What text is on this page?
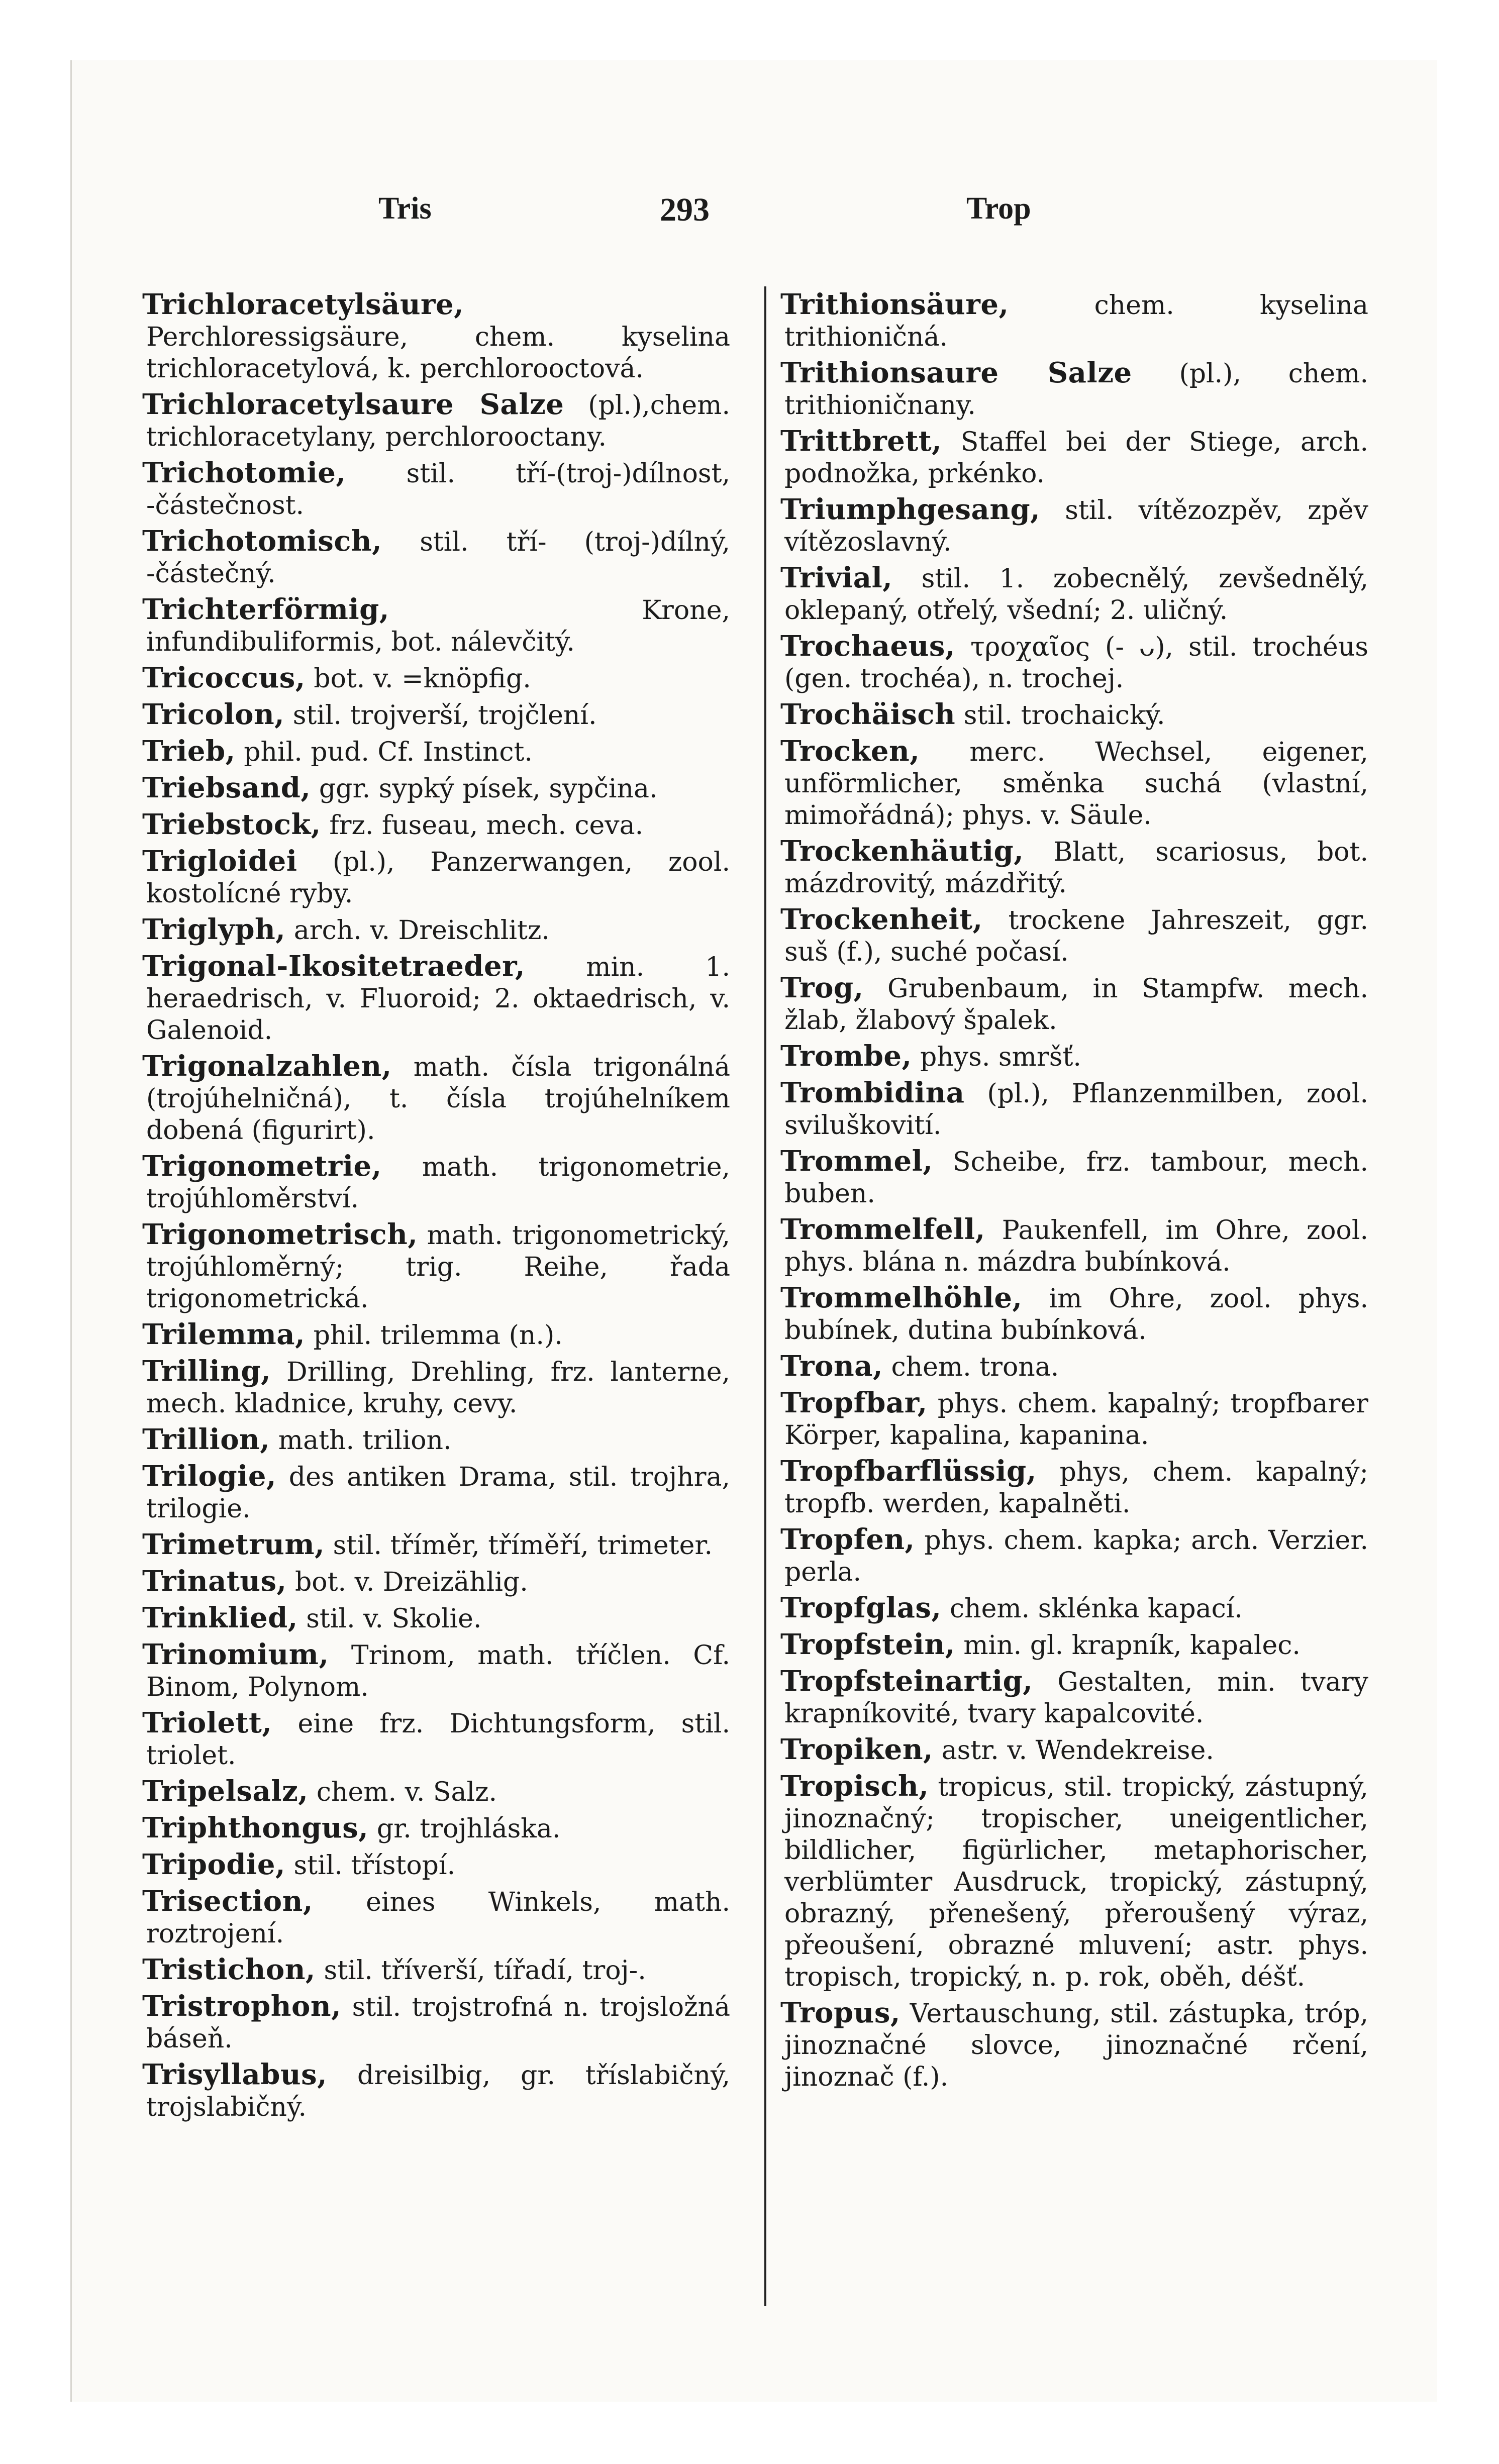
Tris	293	Trop

Trichloracetylsäure, Perchloressigsäure, chem. kyselina trichloracetylová, k. perchlorooctová.

Trichloracetylsaure Salze (pl.),chem. trichloracetylany, perchlorooctany.

Trichotomie, stil. tří-(troj-)dílnost, -částečnost.

Trichotomisch, stil. tří- (troj-)dílný, -částečný.

Trichterförmig,	Krone, infundibuliformis, bot. nálevčitý.

Tricoccus, bot. v. =knöpfig.

Tricolon, stil. trojverší, trojčlení.

Trieb, phil. pud. Cf. Instinct.

Triebsand, ggr. sypký písek, sypčina.

Triebstock, frz. fuseau, mech. ceva.

Trigloidei (pl.), Panzerwangen, zool. kostolícné ryby.

Triglyph, arch. v. Dreischlitz.

Trigonal-Ikositetraeder, min. 1. heraedrisch, v. Fluoroid; 2. oktaedrisch, v. Galenoid.

Trigonalzahlen, math. čísla trigonálná (trojúhelničná), t. čísla trojúhelníkem dobená (figurirt).

Trigonometrie, math. trigonometrie, trojúhloměrství.

Trigonometrisch, math. trigonometrický, trojúhloměrný; trig. Reihe, řada trigonometrická.

Trilemma, phil. trilemma (n.).

Trilling, Drilling, Drehling, frz. lanterne, mech. kladnice, kruhy, cevy.

Trillion, math. trilion.

Trilogie, des antiken Drama, stil. trojhra, trilogie.

Trimetrum, stil. tříměr, tříměří, trimeter.

Trinatus, bot. v. Dreizählig.

Trinklied, stil. v. Skolie.

Trinomium, Trinom, math. tříčlen. Cf. Binom, Polynom.

Triolett, eine frz. Dichtungsform, stil. triolet.

Tripelsalz, chem. v. Salz.

Triphthongus, gr. trojhláska.

Tripodie, stil. třístopí.

Trisection, eines Winkels, math. roztrojení.

Tristichon, stil. tříverší, tířadí, troj-.

Tristrophon, stil. trojstrofná n. trojsložná báseň.

Trisyllabus, dreisilbig, gr. tříslabičný, trojslabičný.

Trithionsäure,	chem. kyselina trithioničná.

Trithionsaure Salze (pl.), chem. trithioničnany.

Trittbrett, Staffel bei der Stiege, arch. podnožka, prkénko.

Triumphgesang, stil. vítězozpěv, zpěv vítězoslavný.

Trivial, stil. 1. zobecnělý, zevšednělý, oklepaný, otřelý, všední; 2. uličný.

Trochaeus, τροχαῖος (- ᴗ), stil. trochéus (gen. trochéa), n. trochej.

Trochäisch stil. trochaický.

Trocken, merc. Wechsel, eigener, unförmlicher, směnka suchá (vlastní, mimořádná); phys. v. Säule.

Trockenhäutig, Blatt, scariosus, bot. mázdrovitý, mázdřitý.

Trockenheit, trockene Jahreszeit, ggr. suš (f.), suché počasí.

Trog, Grubenbaum, in Stampfw. mech. žlab, žlabový špalek.

Trombe, phys. smršť.

Trombidina (pl.), Pflanzenmilben, zool. sviluškovití.

Trommel, Scheibe, frz. tambour, mech. buben.

Trommelfell, Paukenfell, im Ohre, zool. phys. blána n. mázdra bubínková.

Trommelhöhle, im Ohre, zool. phys. bubínek, dutina bubínková.

Trona, chem. trona.

Tropfbar, phys. chem. kapalný; tropfbarer Körper, kapalina, kapanina.

Tropfbarflüssig, phys, chem. kapalný; tropfb. werden, kapalněti.

Tropfen, phys. chem. kapka; arch. Verzier. perla.

Tropfglas, chem. sklénka kapací.

Tropfstein, min. gl. krapník, kapalec.

Tropfsteinartig, Gestalten, min. tvary krapníkovité, tvary kapalcovité.

Tropiken, astr. v. Wendekreise.

Tropisch, tropicus, stil. tropický, zástupný, jinoznačný; tropischer, uneigentlicher, bildlicher, figürlicher, metaphorischer, verblümter Ausdruck, tropický, zástupný, obrazný, přenešený, přeroušený výraz, přeoušení, obrazné mluvení; astr. phys. tropisch, tropický, n. p. rok, oběh, déšť.

Tropus, Vertauschung, stil. zástupka, tróp, jinoznačné slovce, jinoznačné rčení, jinoznač (f.).
